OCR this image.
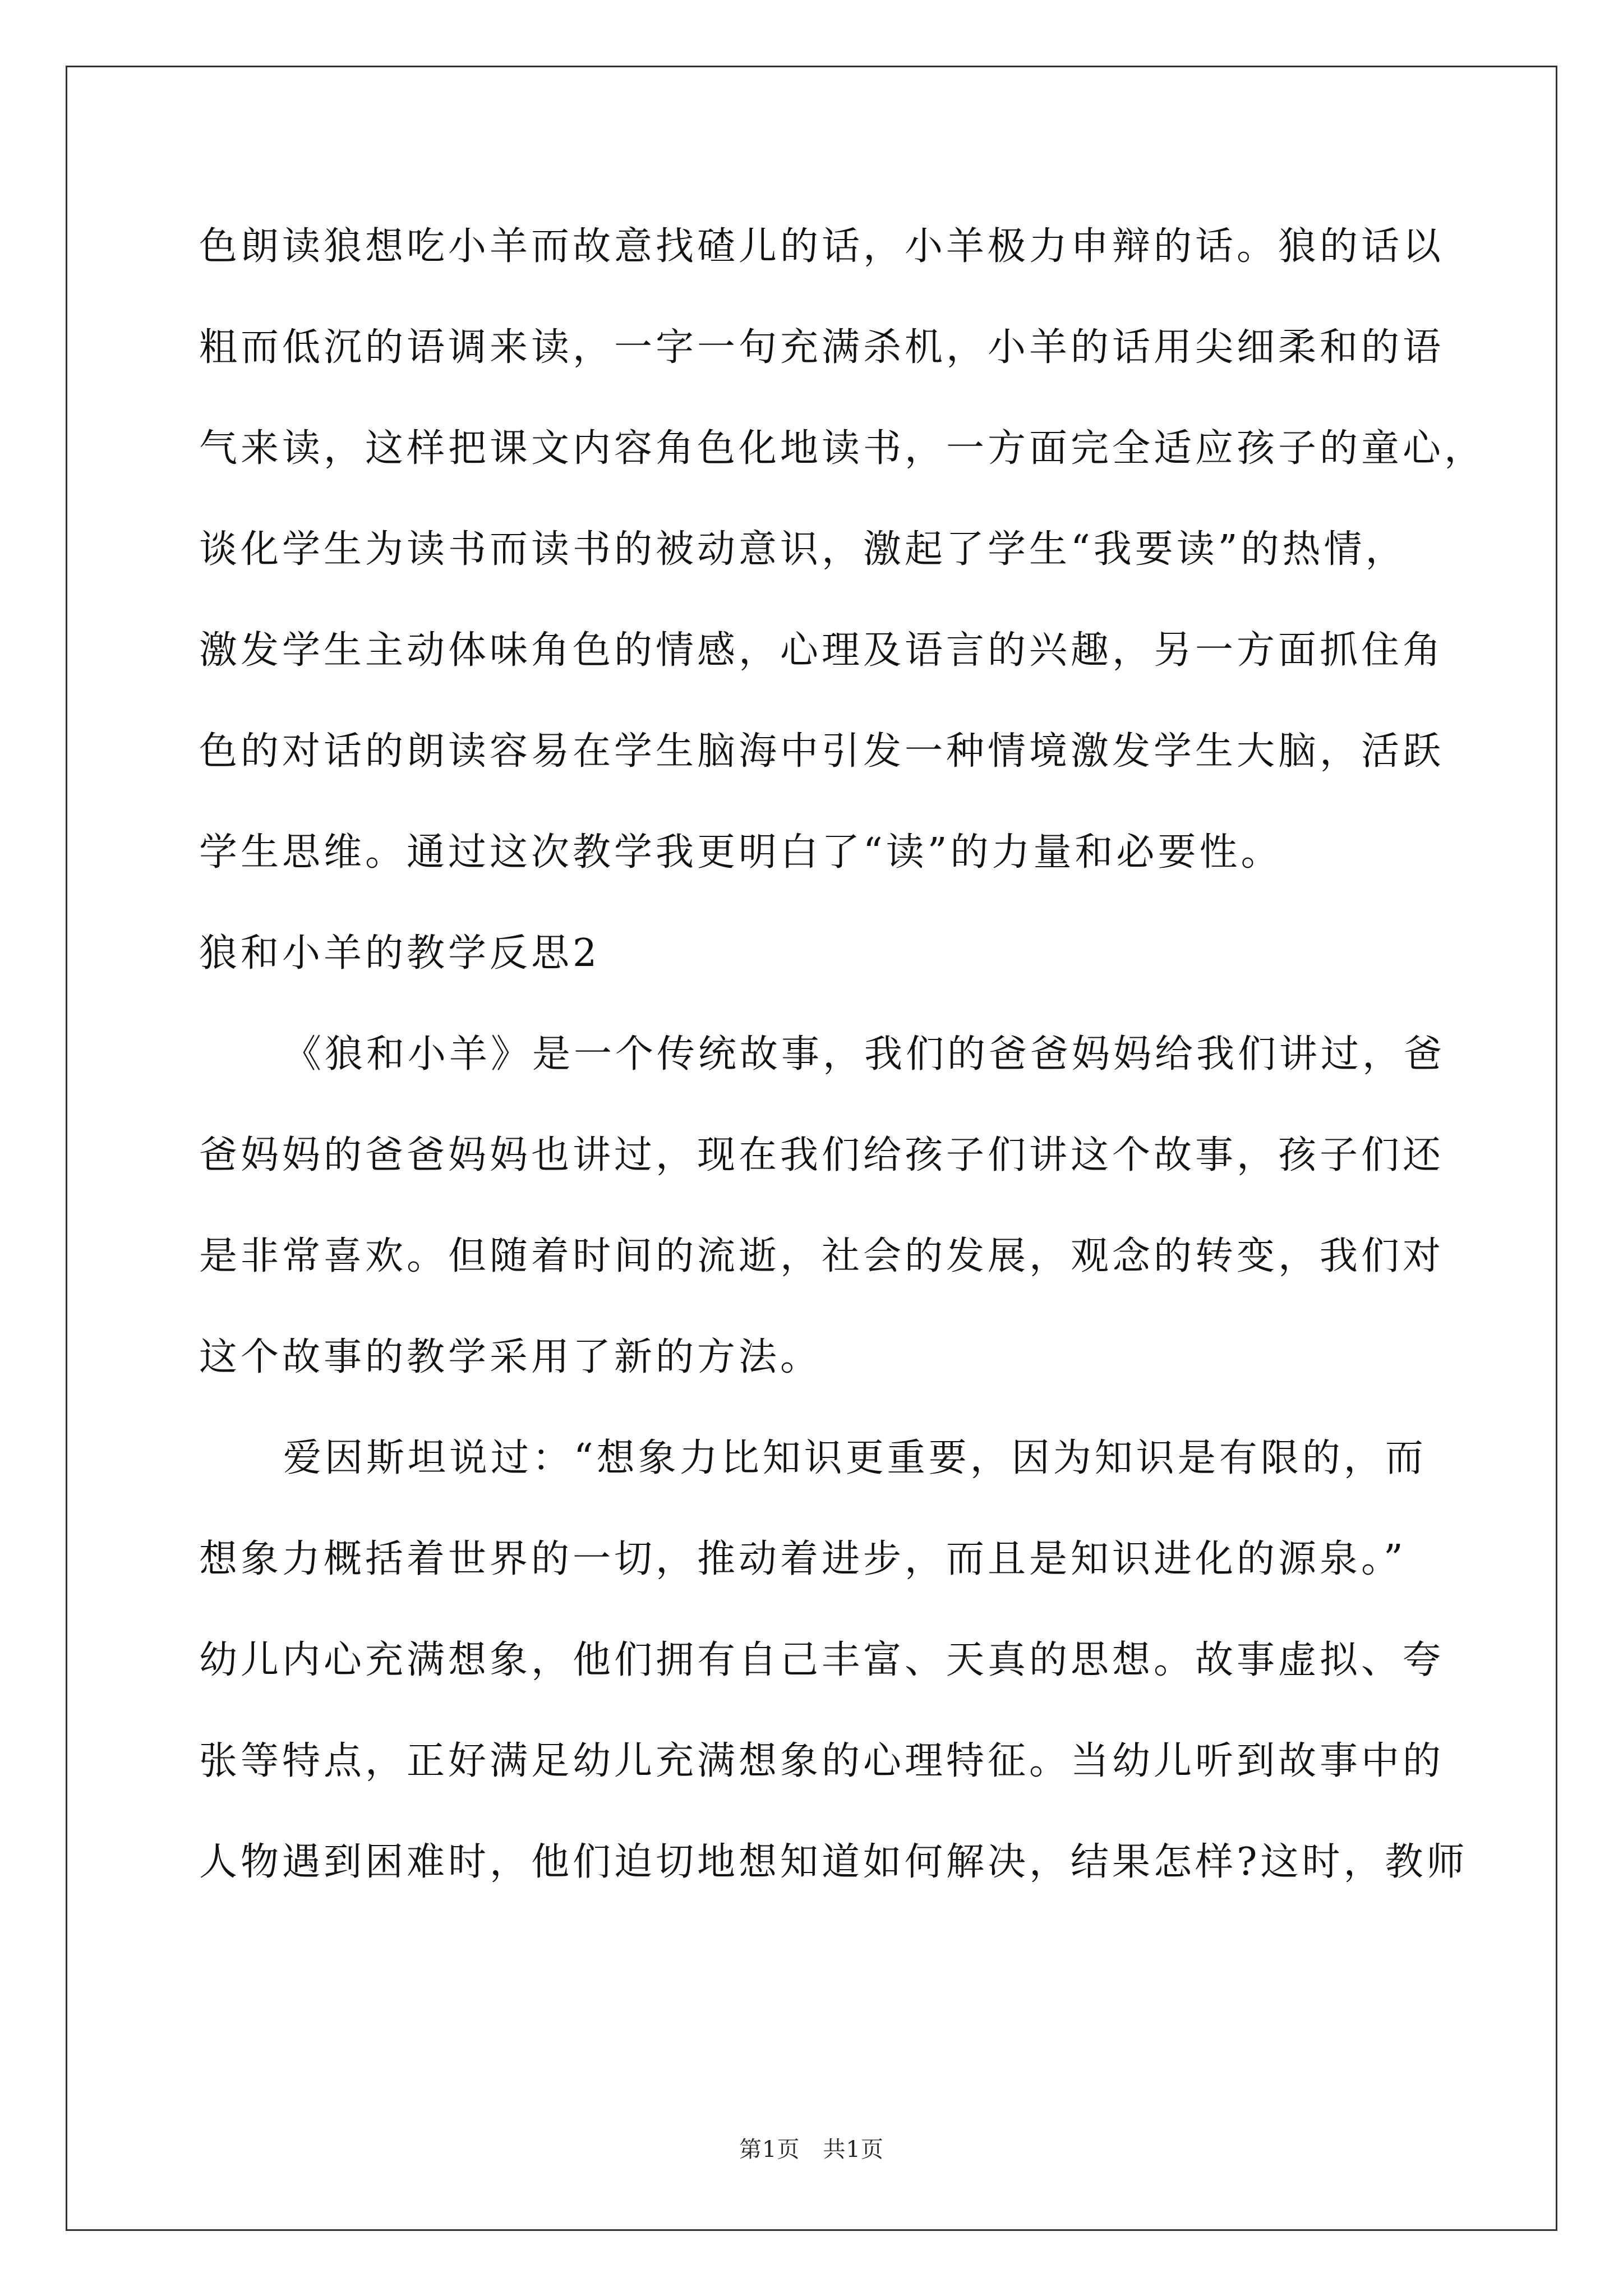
色朗读狼想吃小羊而故意找碴儿的话，小羊极力申辩的话。狼的话以
粗而低沉的语调来读，一字一句充满杀机，小羊的话用尖细柔和的语
气来读，这样把课文内容角色化地读书，一方面完全适应孩子的童心，
谈化学生为读书而读书的被动意识，激起了学生“我要读”的热情，
激发学生主动体味角色的情感，心理及语言的兴趣，另一方面抓住角
色的对话的朗读容易在学生脑海中引发一种情境激发学生大脑，活跃
学生思维。通过这次教学我更明白了“读”的力量和必要性。
狼和小羊的教学反思2
《狼和小羊》是一个传统故事，我们的爸爸妈妈给我们讲过，爸
爸妈妈的爸爸妈妈也讲过，现在我们给孩子们讲这个故事，孩子们还
是非常喜欢。但随着时间的流逝，社会的发展，观念的转变，我们对
这个故事的教学采用了新的方法。
爱因斯坦说过：“想象力比知识更重要，因为知识是有限的，而
想象力概括着世界的一切，推动着进步，而且是知识进化的源泉。”
幼儿内心充满想象，他们拥有自己丰富、天真的思想。故事虚拟、夸
张等特点，正好满足幼儿充满想象的心理特征。当幼儿听到故事中的
人物遇到困难时，他们迫切地想知道如何解决，结果怎样?这时，教师
第1页　共1页
